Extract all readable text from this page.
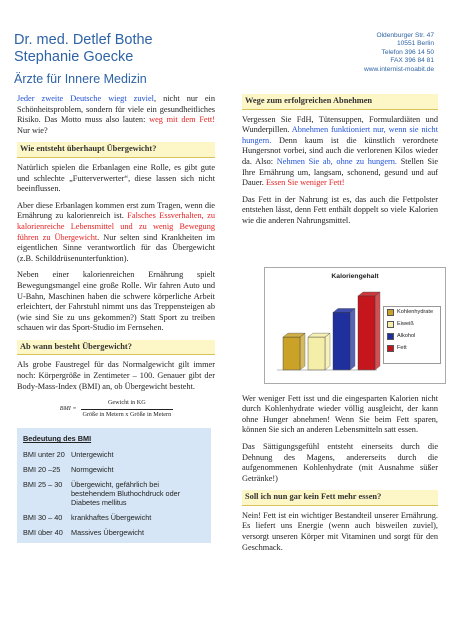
Dr. med. Detlef Bothe
Stephanie Goecke
Ärzte für Innere Medizin
Oldenburger Str. 47
10551 Berlin
Telefon 396 14 50
FAX 396 84 81
www.internist-moabit.de

Jeder zweite Deutsche wiegt zuviel, nicht nur ein Schönheitsproblem, sondern für viele ein gesundheitliches Risiko. Das Motto muss also lauten: weg mit dem Fett! Nur wie?

Wie entsteht überhaupt Übergewicht?

Natürlich spielen die Erbanlagen eine Rolle, es gibt gute und schlechte „Futterverwerter“, diese lassen sich nicht beeinflussen.

Aber diese Erbanlagen kommen erst zum Tragen, wenn die Ernährung zu kalorienreich ist. Falsches Essverhalten, zu kalorienreiche Lebensmittel und zu wenig Bewegung führen zu Übergewicht. Nur selten sind Krankheiten im eigentlichen Sinne verantwortlich für das Übergewicht (z.B. Schilddrüsenunterfunktion).

Neben einer kalorienreichen Ernährung spielt Bewegungsmangel eine große Rolle. Wir fahren Auto und U-Bahn, Maschinen haben die schwere körperliche Arbeit erleichtert, der Fahrstuhl nimmt uns das Treppensteigen ab (wie sind Sie zu uns gekommen?) Statt Sport zu treiben schauen wir das Sport-Studio im Fernsehen.

Ab wann besteht Übergewicht?

Als grobe Faustregel für das Normalgewicht gilt immer noch: Körpergröße in Zentimeter – 100. Genauer gibt der Body-Mass-Index (BMI) an, ob Übergewicht besteht.

BMI =	Gewicht in KG
Größe in Metern x Größe in Metern
Bedeutung des BMI
BMI unter 20 Untergewicht
BMI 20 –25	Normgewicht
BMI 25 – 30	Übergewicht, gefährlich bei bestehendem Bluthochdruck oder Diabetes mellitus
BMI 30 – 40	krankhaftes Übergewicht
BMI über 40	Massives Übergewicht
Wege zum erfolgreichen Abnehmen

Vergessen Sie FdH, Tütensuppen, Formulardiäten und Wunderpillen. Abnehmen funktioniert nur, wenn sie nicht hungern. Denn kaum ist die künstlich verordnete Hungersnot vorbei, sind auch die verlorenen Kilos wieder da. Also: Nehmen Sie ab, ohne zu hungern. Stellen Sie Ihre Ernährung um, langsam, schonend, gesund und auf Dauer. Essen Sie weniger Fett!

Das Fett in der Nahrung ist es, das auch die Fettpolster entstehen lässt, denn Fett enthält doppelt so viele Kalorien wie die anderen Nahrungsmittel.

Kaloriengehalt
Kohlenhydrate
Eiweiß
Alkohol
Fett

Wer weniger Fett isst und die eingesparten Kalorien nicht durch Kohlenhydrate wieder völlig ausgleicht, der kann ohne Hunger abnehmen! Wenn Sie beim Fett sparen, können Sie sich an anderen Lebensmitteln satt essen.

Das Sättigungsgefühl entsteht einerseits durch die Dehnung des Magens, andererseits durch die aufgenommenen Kohlenhydrate (mit Ausnahme süßer Getränke!)

Soll ich nun gar kein Fett mehr essen?

Nein! Fett ist ein wichtiger Bestandteil unserer Ernährung. Es liefert uns Energie (wenn auch bisweilen zuviel), versorgt unseren Körper mit Vitaminen und sorgt für den Geschmack.
